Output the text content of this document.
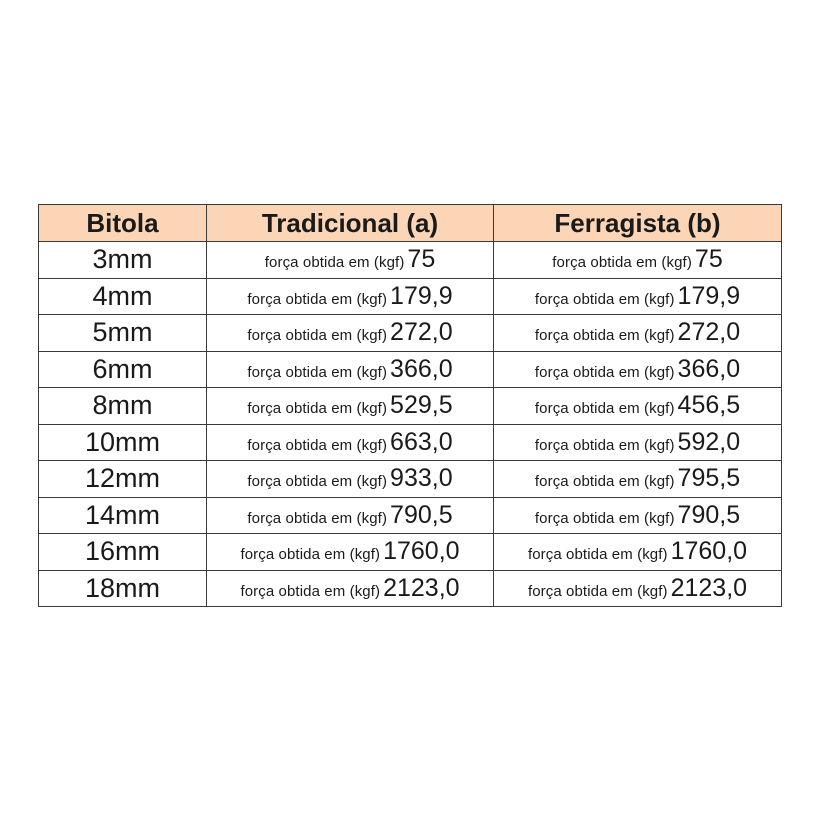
Bitola	Tradicional (a)	Ferragista (b)
3mm	força obtida em (kgf) 75	força obtida em (kgf) 75

4mm	força obtida em (kgf) 179,9	força obtida em (kgf) 179,9

5mm	força obtida em (kgf) 272,0	força obtida em (kgf) 272,0

6mm	força obtida em (kgf) 366,0	força obtida em (kgf) 366,0

8mm	força obtida em (kgf) 529,5	força obtida em (kgf) 456,5

10mm	força obtida em (kgf) 663,0	força obtida em (kgf) 592,0

12mm	força obtida em (kgf) 933,0	força obtida em (kgf) 795,5

14mm	força obtida em (kgf) 790,5	força obtida em (kgf) 790,5

16mm	força obtida em (kgf) 1760,0	força obtida em (kgf) 1760,0

18mm	força obtida em (kgf) 2123,0	força obtida em (kgf) 2123,0
